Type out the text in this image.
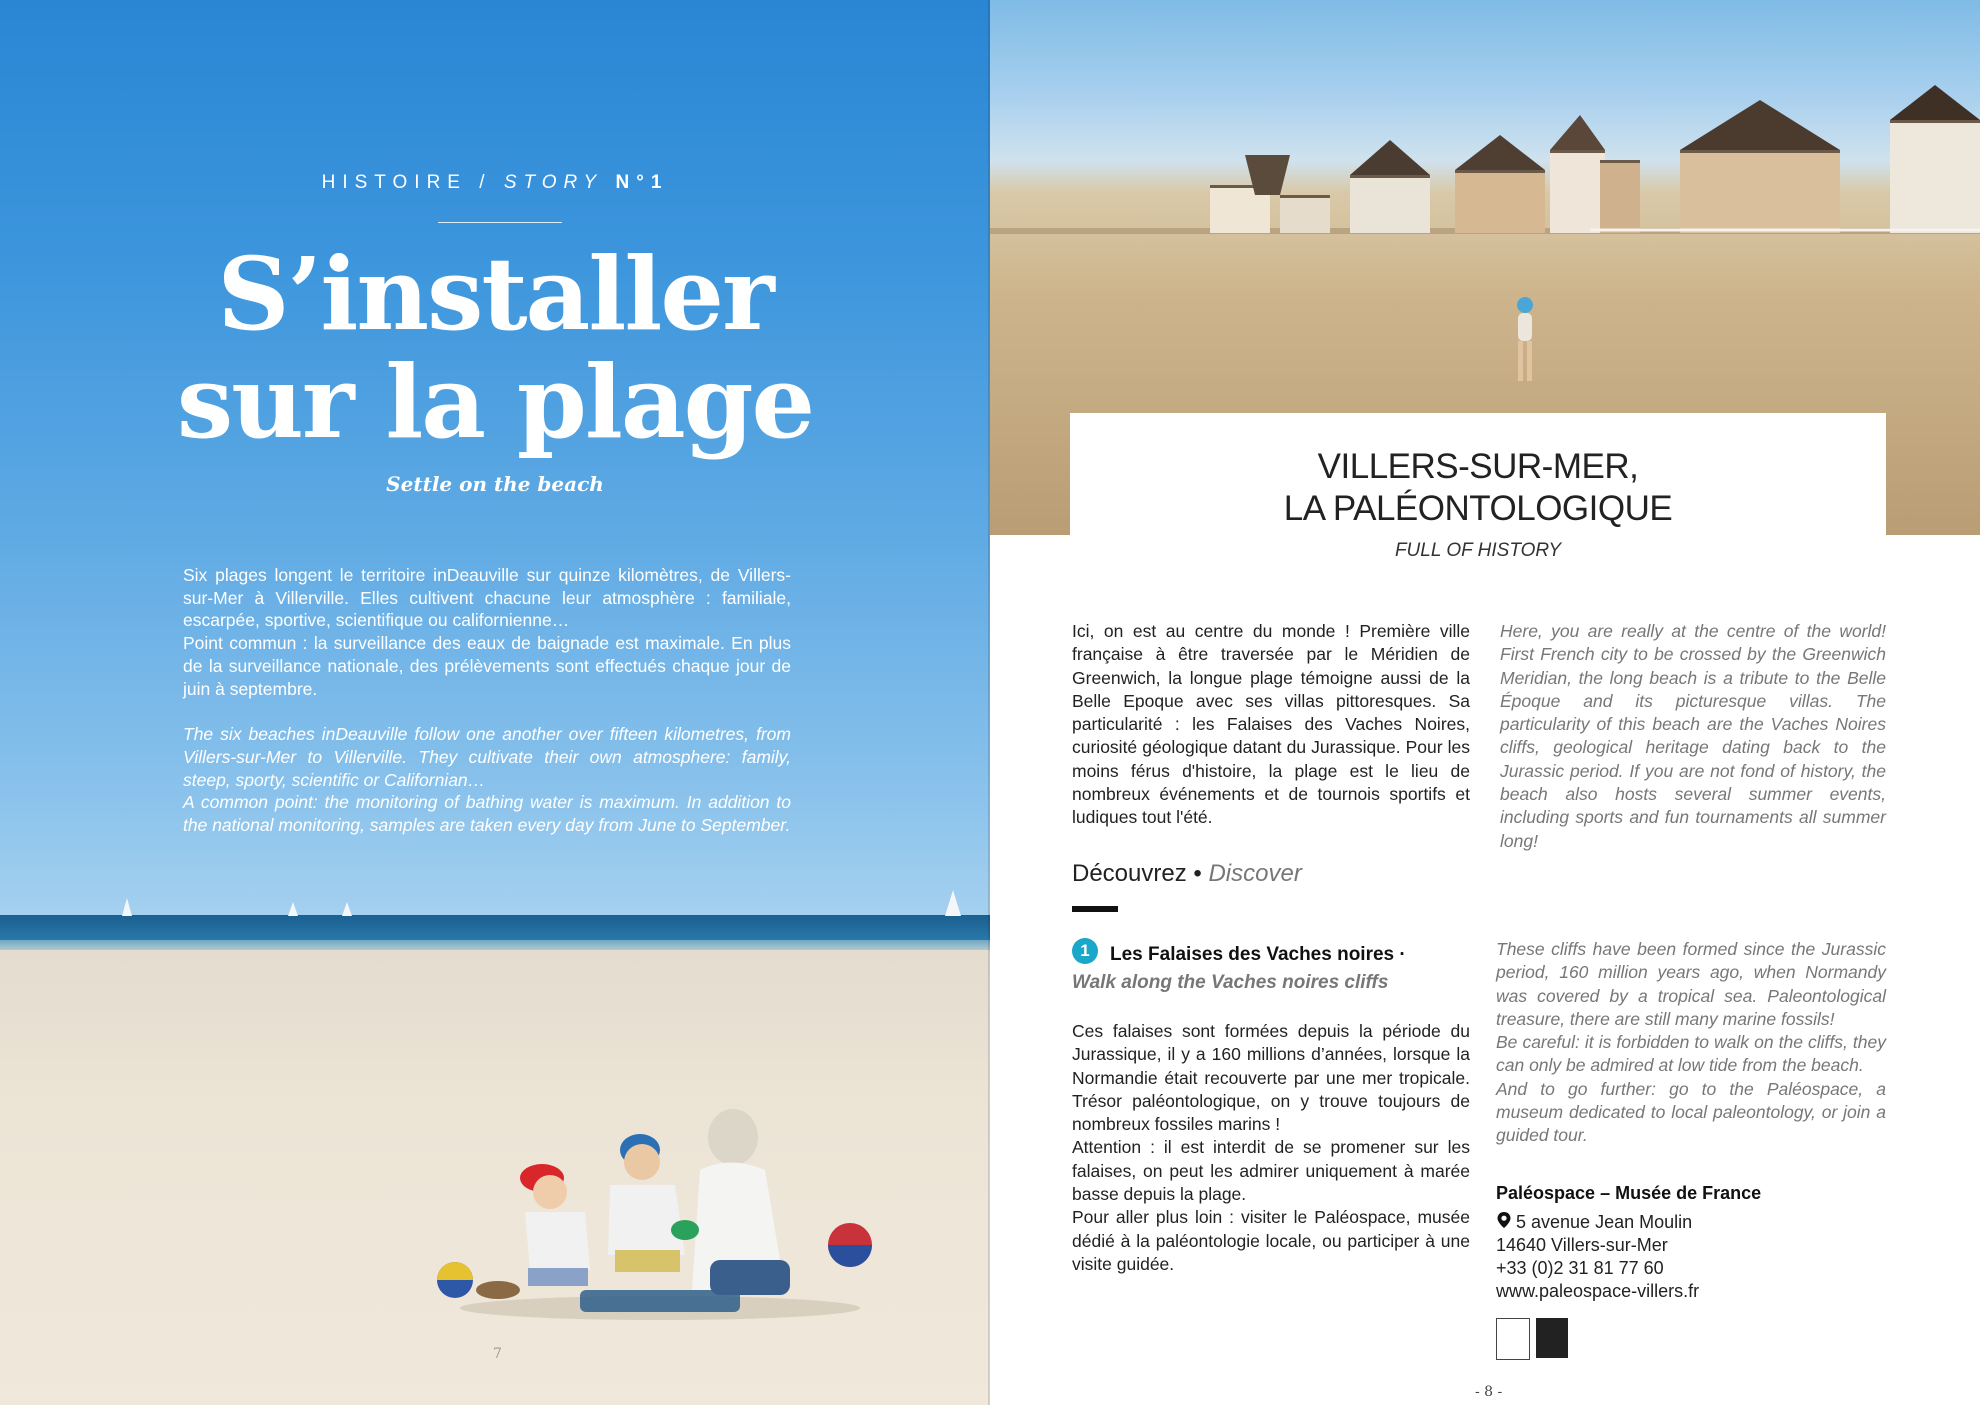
HISTOIRE / STORY N°1
S’installer
sur la plage
Settle on the beach

Six plages longent le territoire inDeauville sur quinze kilomètres, de Villers-sur-Mer à Villerville. Elles cultivent chacune leur atmosphère : familiale, escarpée, sportive, scientifique ou californienne…

Point commun : la surveillance des eaux de baignade est maximale. En plus de la surveillance nationale, des prélèvements sont effectués chaque jour de juin à septembre.

The six beaches inDeauville follow one another over fifteen kilometres, from Villers-sur-Mer to Villerville. They cultivate their own atmosphere: family, steep, sporty, scientific or Californian…

A common point: the monitoring of bathing water is maximum. In addition to the national monitoring, samples are taken every day from June to September.

7
VILLERS-SUR-MER,
LA PALÉONTOLOGIQUE
FULL OF HISTORY

Ici, on est au centre du monde ! Première ville française à être traversée par le Méridien de Greenwich, la longue plage témoigne aussi de la Belle Epoque avec ses villas pittoresques. Sa particularité : les Falaises des Vaches Noires, curiosité géologique datant du Jurassique. Pour les moins férus d'histoire, la plage est le lieu de nombreux événements et de tournois sportifs et ludiques tout l'été.

Here, you are really at the centre of the world! First French city to be crossed by the Greenwich Meridian, the long beach is a tribute to the Belle Époque and its picturesque villas. The particularity of this beach are the Vaches Noires cliffs, geological heritage dating back to the Jurassic period. If you are not fond of history, the beach also hosts several summer events, including sports and fun tournaments all summer long!

Découvrez • Discover
1	Les Falaises des Vaches noires ·
Walk along the Vaches noires cliffs
Ces falaises sont formées depuis la période du Jurassique, il y a 160 millions d’années, lorsque la Normandie était recouverte par une mer tropicale. Trésor paléontologique, on y trouve toujours de nombreux fossiles marins !
Attention : il est interdit de se promener sur les falaises, on peut les admirer uniquement à marée basse depuis la plage.
Pour aller plus loin : visiter le Paléospace, musée dédié à la paléontologie locale, ou participer à une visite guidée.
These cliffs have been formed since the Jurassic period, 160 million years ago, when Normandy was covered by a tropical sea. Paleontological treasure, there are still many marine fossils!
Be careful: it is forbidden to walk on the cliffs, they can only be admired at low tide from the beach.
And to go further: go to the Paléospace, a museum dedicated to local paleontology, or join a guided tour.
Paléospace – Musée de France
5 avenue Jean Moulin
14640 Villers-sur-Mer
+33 (0)2 31 81 77 60
www.paleospace-villers.fr
- 8 -
